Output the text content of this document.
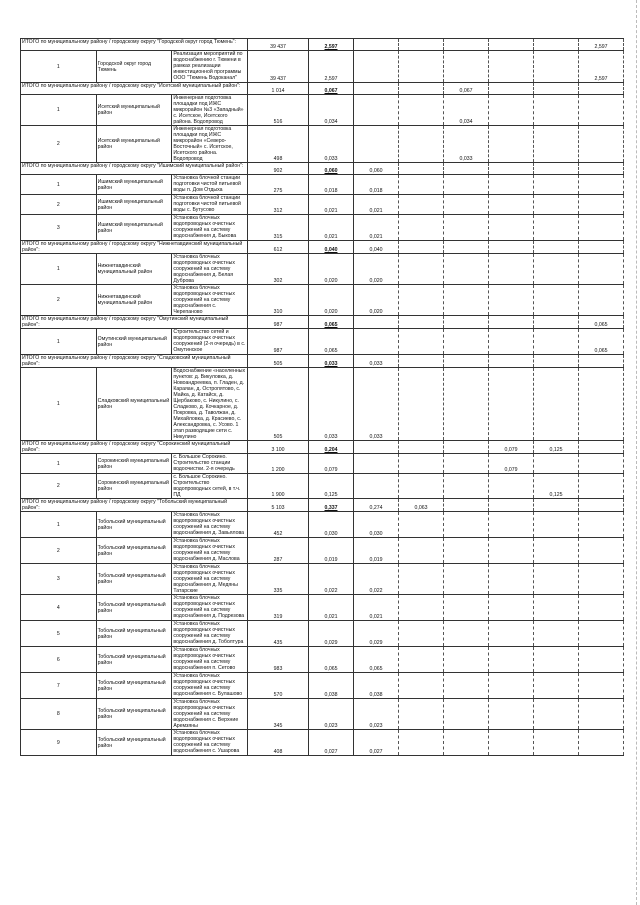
ИТОГО по муниципальному району / городскому округу "Городской округ город Тюмень":			39 437	2,597						2,597
1	Городской округ город Тюмень	Реализация мероприятий по водоснабжению г. Тюмени в рамках реализации инвестиционной программы ООО "Тюмень Водоканал"	39 437	2,597						2,597
ИТОГО по муниципальному району / городскому округу "Исетский муниципальный район":			1 014	0,067			0,067			
1	Исетский муниципальный район	Инженерная подготовка площадки под ИЖС микрорайон №3 «Западный» с. Исетское, Исетского района. Водопровод	516	0,034			0,034			
2	Исетский муниципальный район	Инженерная подготовка площадки под ИЖС микрорайон «Северо-Восточный» с. Исетское, Исетского района. Водопровод	498	0,033			0,033			
ИТОГО по муниципальному району / городскому округу "Ишимский муниципальный район":			902	0,060	0,060					
1	Ишимский муниципальный район	Установка блочной станции подготовки чистой питьевой воды п. Дом Отдыха	275	0,018	0,018					
2	Ишимский муниципальный район	Установка блочной станции подготовки чистой питьевой воды с. Бутусово	312	0,021	0,021					
3	Ишимский муниципальный район	Установка блочных водопроводных очистных сооружений на систему водоснабжения д. Быкова	315	0,021	0,021					
ИТОГО по муниципальному району / городскому округу "Нижнетавдинский муниципальный район":			612	0,040	0,040					
1	Нижнетавдинский муниципальный район	Установка блочных водопроводных очистных сооружений на систему водоснабжения д. Белая Дуброва	302	0,020	0,020					
2	Нижнетавдинский муниципальный район	Установка блочных водопроводных очистных сооружений на систему водоснабжения с. Черепаново	310	0,020	0,020					
ИТОГО по муниципальному району / городскому округу "Омутинский муниципальный район":			987	0,065						0,065
1	Омутинский муниципальный район	Строительство сетей и водопроводных очистных сооружений (2-я очередь) в с. Омутинское	987	0,065						0,065
ИТОГО по муниципальному району / городскому округу "Сладковский муниципальный район":			505	0,033	0,033					
1	Сладковский муниципальный район	Водоснабжение «населенных пунктов: д. Викуловка, д. Новоандреевка, п. Гладен, д. Караяан, д. Остропятово, с. Майка, д. Катайск, д. Щербаково, с. Никулино, с. Сладково, д. Кочкарное, д. Покровка, д. Таволжан, д. Михайловка, д. Красиево, с. Александровка, с. Усово. 1 этап разводящие сети с. Никулино	505	0,033	0,033					
ИТОГО по муниципальному району / городскому округу "Сорокинский муниципальный район":			3 100	0,204				0,079	0,125	
1	Сорокинский муниципальный район	с. Большое Сорокино. Строительство станции водоочистки. 2-я очередь	1 200	0,079				0,079		
2	Сорокинский муниципальный район	с. Большое Сорокино. Строительство водопроводных сетей, в т.ч. ПД	1 900	0,125					0,125	
ИТОГО по муниципальному району / городскому округу "Тобольский муниципальный район":			5 103	0,337	0,274	0,063				
1	Тобольский муниципальный район	Установка блочных водопроводных очистных сооружений на систему водоснабжения д. Завьялова	452	0,030	0,030					
2	Тобольский муниципальный район	Установка блочных водопроводных очистных сооружений на систему водоснабжения д. Маслова	287	0,019	0,019					
3	Тобольский муниципальный район	Установка блочных водопроводных очистных сооружений на систему водоснабжения д. Медяны Татарские	335	0,022	0,022					
4	Тобольский муниципальный район	Установка блочных водопроводных очистных сооружений на систему водоснабжения д. Подрезова	319	0,021	0,021					
5	Тобольский муниципальный район	Установка блочных водопроводных очистных сооружений на систему водоснабжения д. Тоболтура	435	0,029	0,029					
6	Тобольский муниципальный район	Установка блочных водопроводных очистных сооружений на систему водоснабжения п. Сетово	983	0,065	0,065					
7	Тобольский муниципальный район	Установка блочных водопроводных очистных сооружений на систему водоснабжения с. Булашово	570	0,038	0,038					
8	Тобольский муниципальный район	Установка блочных водопроводных очистных сооружений на систему водоснабжения с. Верхние Аремзяны	345	0,023	0,023					
9	Тобольский муниципальный район	Установка блочных водопроводных очистных сооружений на систему водоснабжения с. Ушарова	408	0,027	0,027					
